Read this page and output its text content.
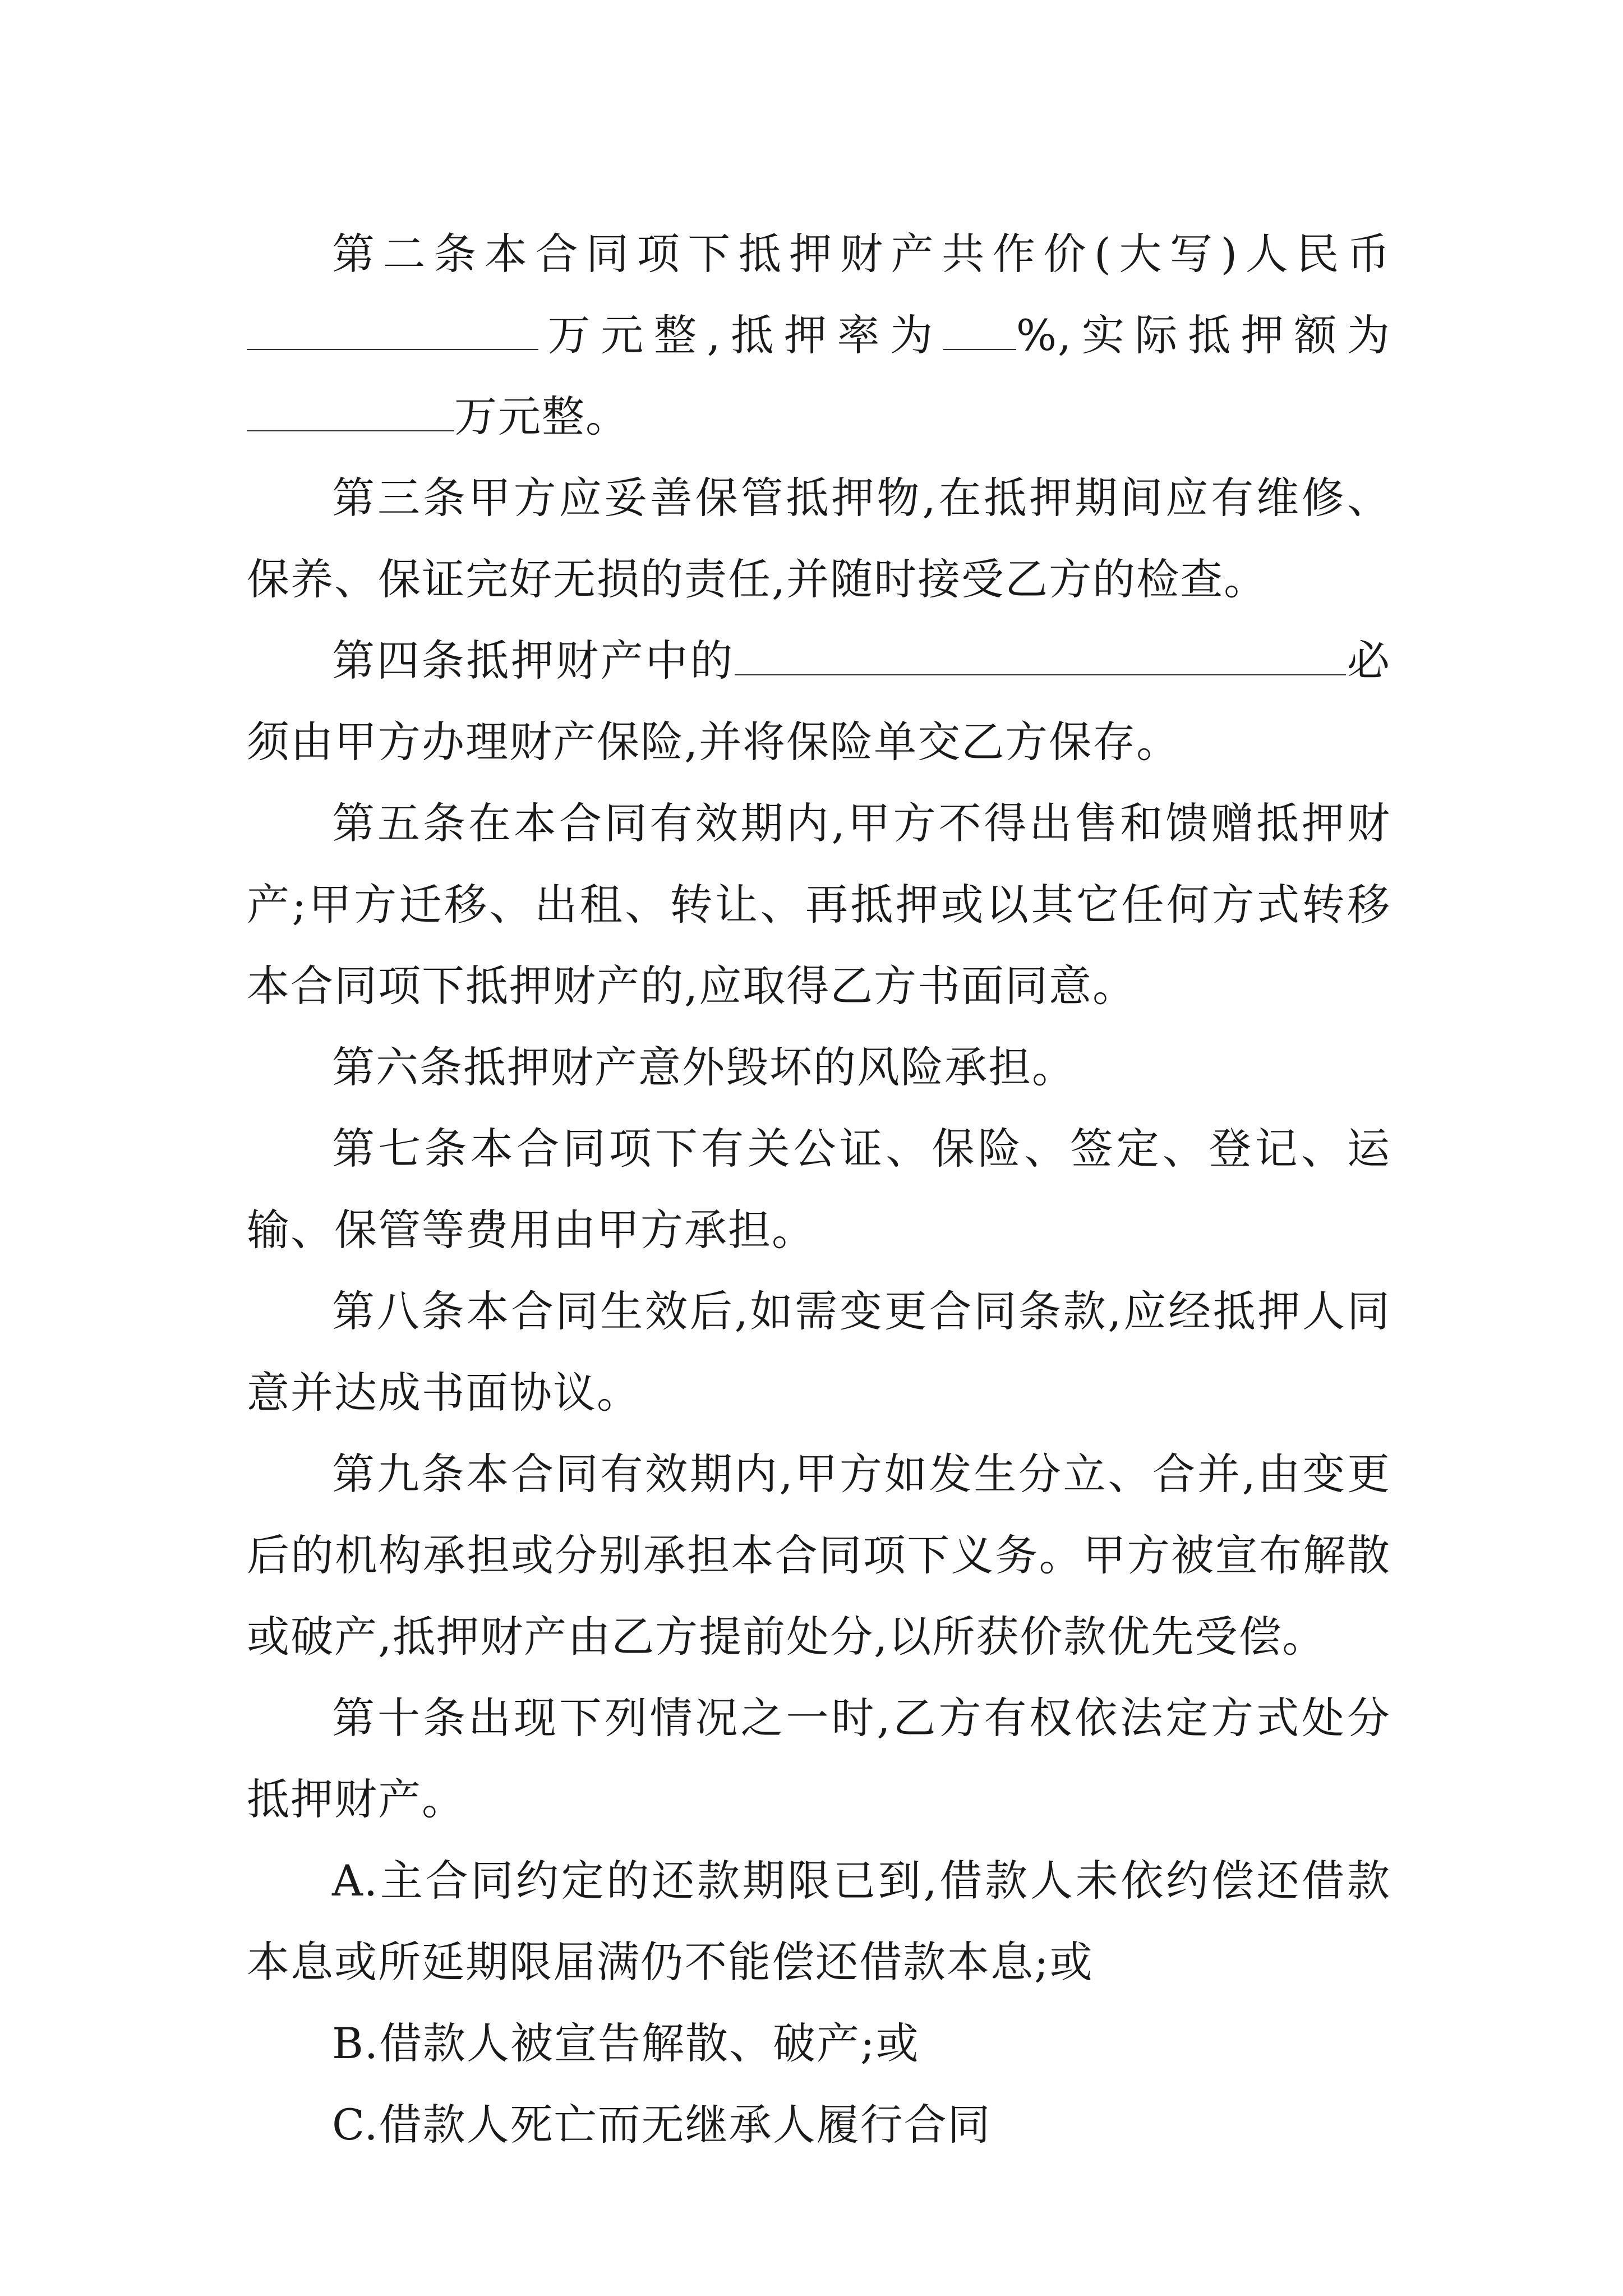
第二条本合同项下抵押财产共作价(大写)人民币万元整,抵押率为 %,实际抵押额为万元整。

第三条甲方应妥善保管抵押物,在抵押期间应有维修、保养、保证完好无损的责任,并随时接受乙方的检查。

第四条抵押财产中的	必须由甲方办理财产保险,并将保险单交乙方保存。

第五条在本合同有效期内,甲方不得出售和馈赠抵押财产;甲方迁移、出租、转让、再抵押或以其它任何方式转移本合同项下抵押财产的,应取得乙方书面同意。

第六条抵押财产意外毁坏的风险承担。

第七条本合同项下有关公证、保险、签定、登记、运输、保管等费用由甲方承担。

第八条本合同生效后,如需变更合同条款,应经抵押人同意并达成书面协议。

第九条本合同有效期内,甲方如发生分立、合并,由变更后的机构承担或分别承担本合同项下义务。甲方被宣布解散或破产,抵押财产由乙方提前处分,以所获价款优先受偿。

第十条出现下列情况之一时,乙方有权依法定方式处分抵押财产。

A.主合同约定的还款期限已到,借款人未依约偿还借款本息或所延期限届满仍不能偿还借款本息;或

B.借款人被宣告解散、破产;或

C.借款人死亡而无继承人履行合同
